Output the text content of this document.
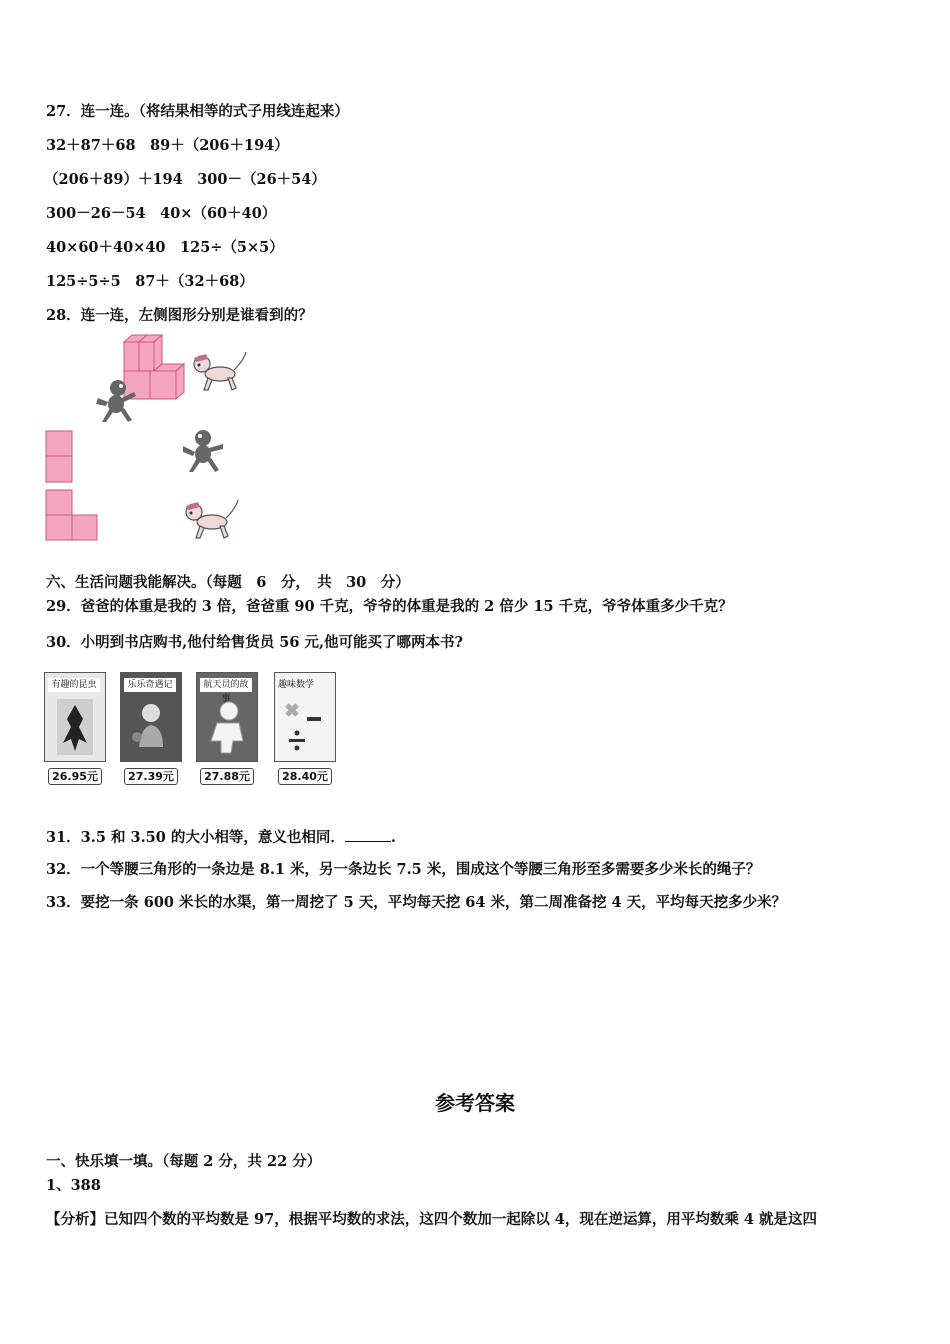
27．连一连。（将结果相等的式子用线连起来）
32＋87＋68　89＋（206＋194）
（206＋89）＋194　300－（26＋54）
300－26－54　40×（60＋40）
40×60＋40×40　125÷（5×5）
125÷5÷5　87＋（32＋68）
28．连一连，左侧图形分别是谁看到的？
六、生活问题我能解决。（每题　6　分，　共　30　分）
29．爸爸的体重是我的 3 倍，爸爸重 90 千克，爷爷的体重是我的 2 倍少 15 千克，爷爷体重多少千克？
30．小明到书店购书,他付给售货员 56 元,他可能买了哪两本书?
有趣的昆虫
26.95元
乐乐奇遇记
27.39元
航天员的故事
27.88元
趣味数学
28.40元
31．3.5 和 3.50 的大小相等，意义也相同．	.
32．一个等腰三角形的一条边是 8.1 米，另一条边长 7.5 米，围成这个等腰三角形至多需要多少米长的绳子？
33．要挖一条 600 米长的水渠，第一周挖了 5 天，平均每天挖 64 米，第二周准备挖 4 天，平均每天挖多少米？
参考答案
一、快乐填一填。（每题 2 分，共 22 分）
1、388
【分析】已知四个数的平均数是 97，根据平均数的求法，这四个数加一起除以 4，现在逆运算，用平均数乘 4 就是这四
